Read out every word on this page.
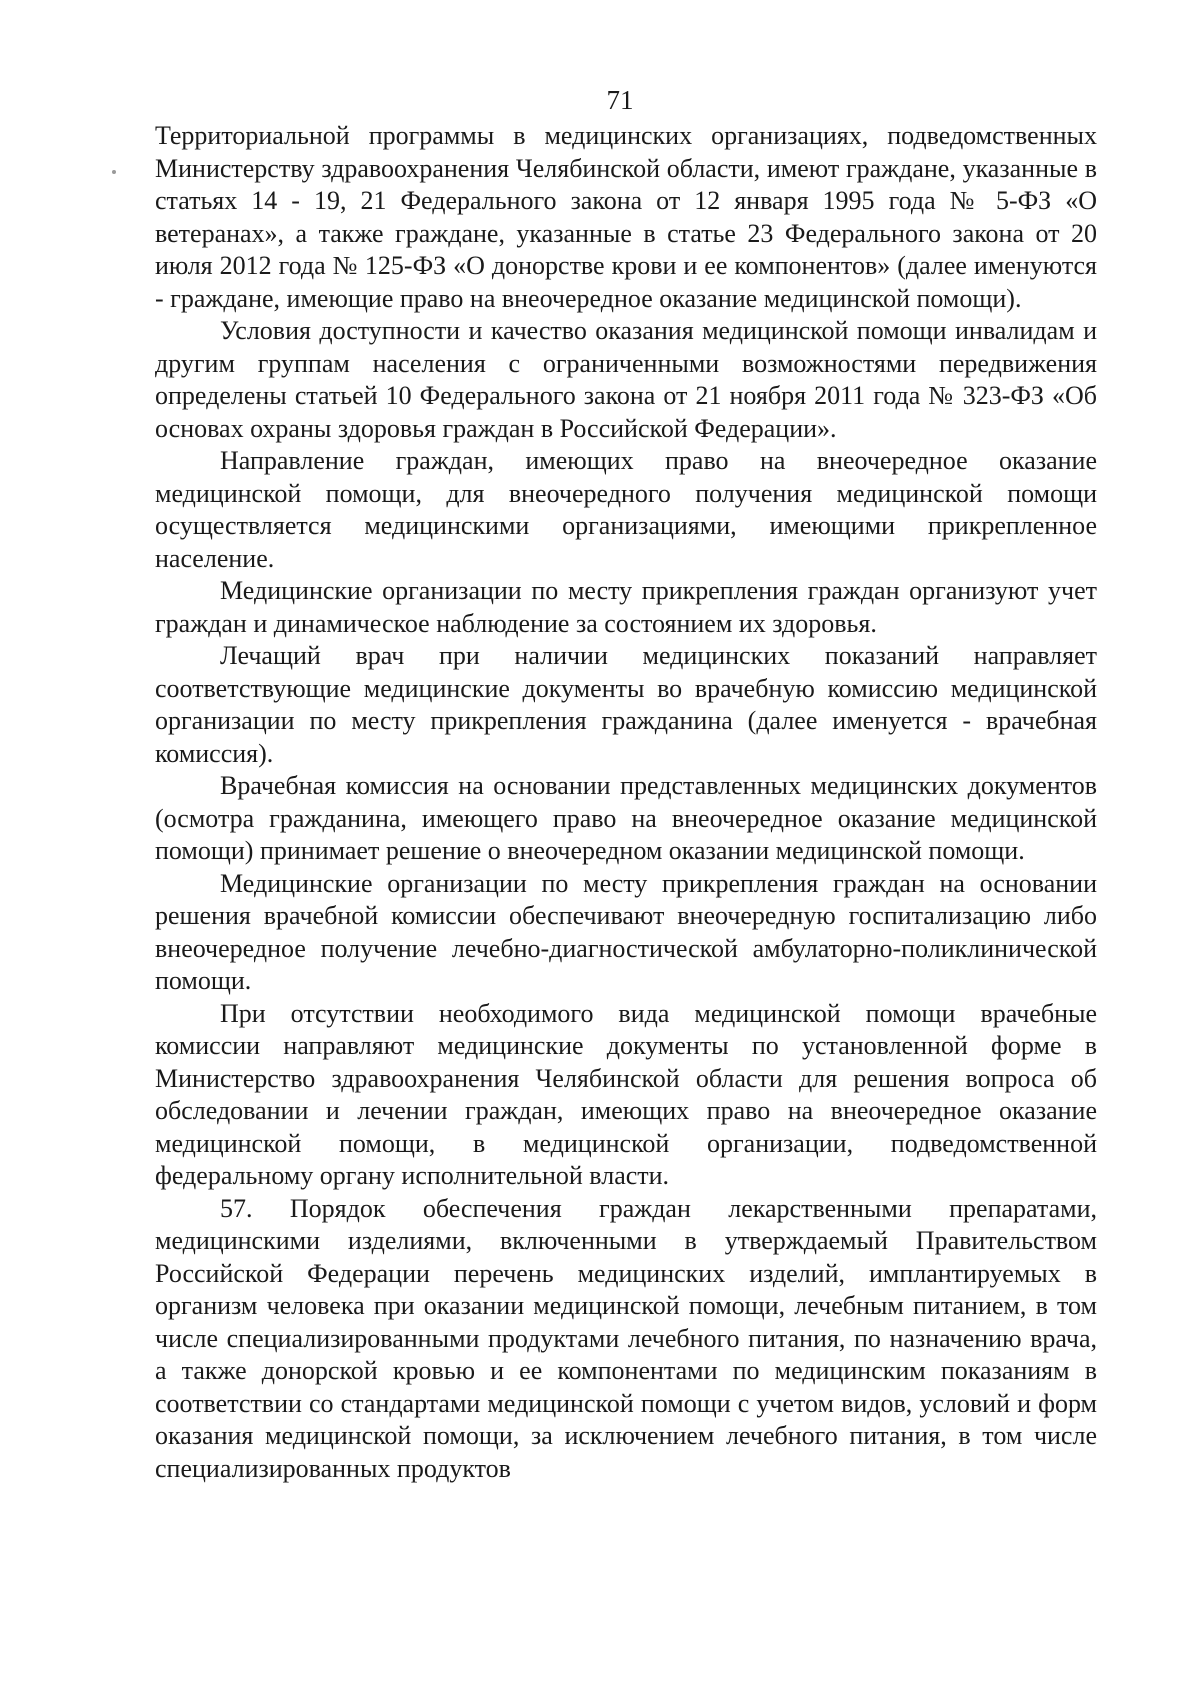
71

Территориальной программы в медицинских организациях, подведомственных Министерству здравоохранения Челябинской области, имеют граждане, указанные в статьях 14 - 19, 21 Федерального закона от 12 января 1995 года № 5-ФЗ «О ветеранах», а также граждане, указанные в статье 23 Федерального закона от 20 июля 2012 года № 125-ФЗ «О донорстве крови и ее компонентов» (далее именуются - граждане, имеющие право на внеочередное оказание медицинской помощи).

Условия доступности и качество оказания медицинской помощи инвалидам и другим группам населения с ограниченными возможностями передвижения определены статьей 10 Федерального закона от 21 ноября 2011 года № 323-ФЗ «Об основах охраны здоровья граждан в Российской Федерации».

Направление граждан, имеющих право на внеочередное оказание медицинской помощи, для внеочередного получения медицинской помощи осуществляется медицинскими организациями, имеющими прикрепленное население.

Медицинские организации по месту прикрепления граждан организуют учет граждан и динамическое наблюдение за состоянием их здоровья.

Лечащий врач при наличии медицинских показаний направляет соответствующие медицинские документы во врачебную комиссию медицинской организации по месту прикрепления гражданина (далее именуется - врачебная комиссия).

Врачебная комиссия на основании представленных медицинских документов (осмотра гражданина, имеющего право на внеочередное оказание медицинской помощи) принимает решение о внеочередном оказании медицинской помощи.

Медицинские организации по месту прикрепления граждан на основании решения врачебной комиссии обеспечивают внеочередную госпитализацию либо внеочередное получение лечебно-диагностической амбулаторно-поликлинической помощи.

При отсутствии необходимого вида медицинской помощи врачебные комиссии направляют медицинские документы по установленной форме в Министерство здравоохранения Челябинской области для решения вопроса об обследовании и лечении граждан, имеющих право на внеочередное оказание медицинской помощи, в медицинской организации, подведомственной федеральному органу исполнительной власти.

57. Порядок обеспечения граждан лекарственными препаратами, медицинскими изделиями, включенными в утверждаемый Правительством Российской Федерации перечень медицинских изделий, имплантируемых в организм человека при оказании медицинской помощи, лечебным питанием, в том числе специализированными продуктами лечебного питания, по назначению врача, а также донорской кровью и ее компонентами по медицинским показаниям в соответствии со стандартами медицинской помощи с учетом видов, условий и форм оказания медицинской помощи, за исключением лечебного питания, в том числе специализированных продуктов
